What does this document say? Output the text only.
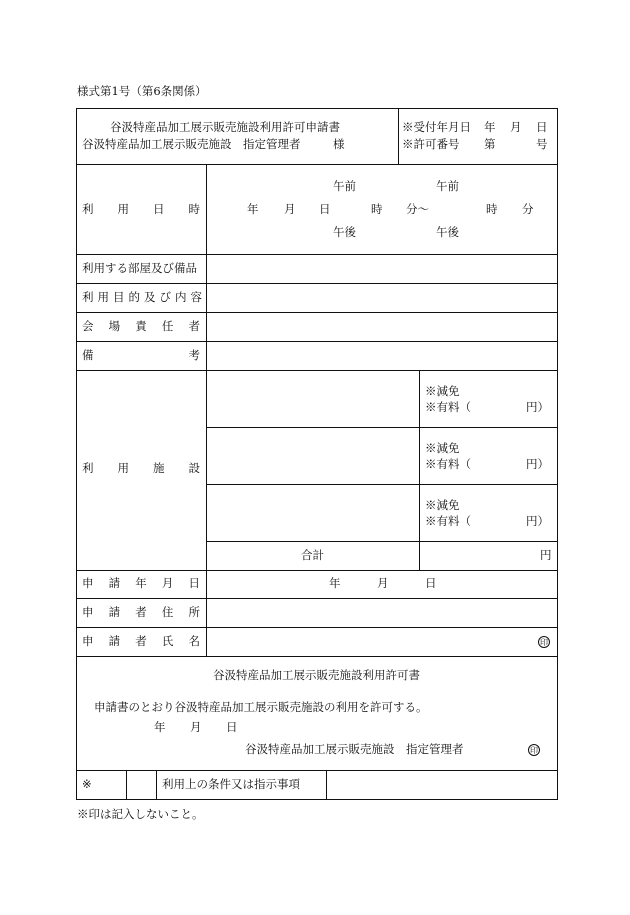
様式第1号（第6条関係）
谷汲特産品加工展示販売施設利用許可申請書
谷汲特産品加工展示販売施設　指定管理者	様
※受付年月日 年 月 日
※許可番号 第	号
利 用 日 時
午前	午前
年 月 日	時 分〜	時 分
午後	午後
利用する部屋及び備品
利 用 目 的 及 び 内 容
会 場 責 任 者
備	考
利 用 施 設
※減免
※有料（	円）
※減免
※有料（	円）
※減免
※有料（	円）
合計	円
申 請 年 月 日	年	月	日
申 請 者 住 所
申 請 者 氏 名	印
谷汲特産品加工展示販売施設利用許可書
申請書のとおり谷汲特産品加工展示販売施設の利用を許可する。
年 月 日
谷汲特産品加工展示販売施設　指定管理者	印
※	利用上の条件又は指示事項
※印は記入しないこと。
